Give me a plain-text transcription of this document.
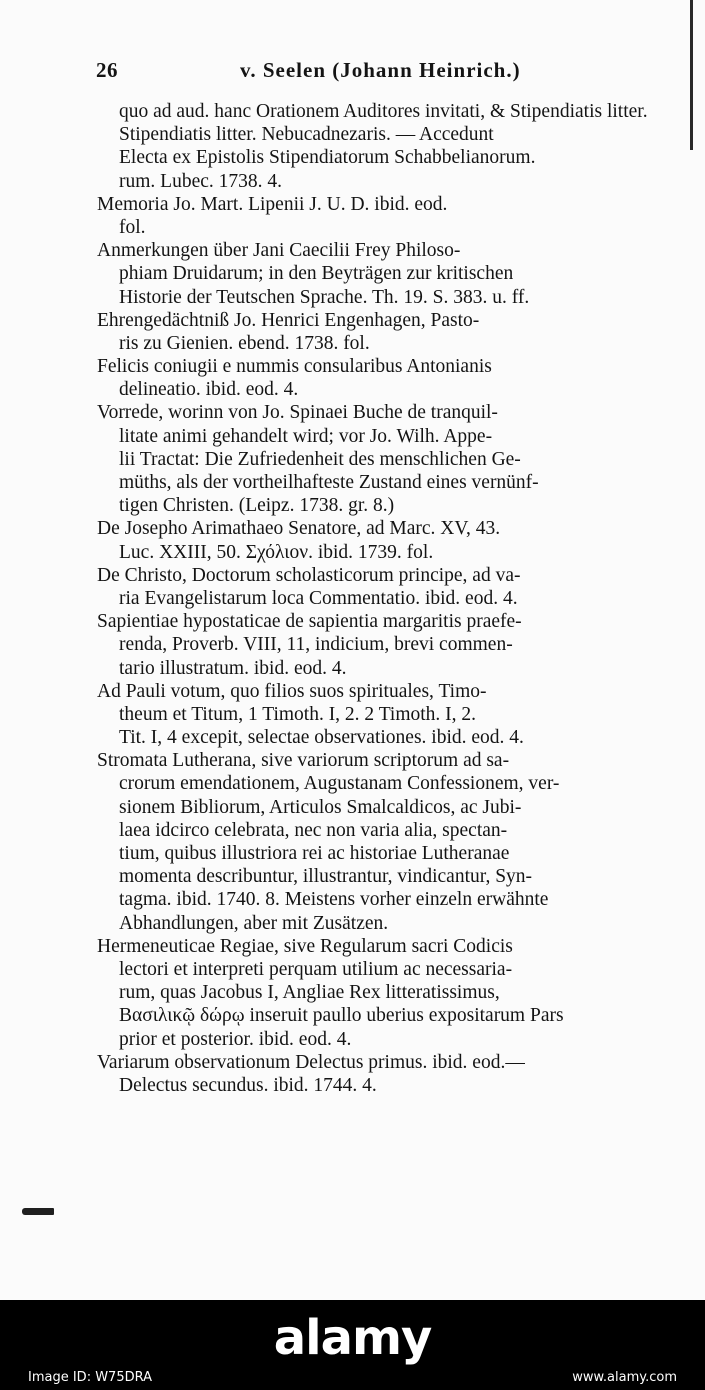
26	v. Seelen (Johann Heinrich.)
quo ad aud. hanc Orationem Auditores invitati, & Stipendiatis litter.
Stipendiatis litter. Nebucadnezaris. — Accedunt
Electa ex Epistolis Stipendiatorum Schabbelianorum.
rum. Lubec. 1738. 4.
Memoria Jo. Mart. Lipenii J. U. D. ibid. eod.
fol.
Anmerkungen über Jani Caecilii Frey Philoso-
phiam Druidarum; in den Beyträgen zur kritischen
Historie der Teutschen Sprache. Th. 19. S. 383. u. ff.
Ehrengedächtniß Jo. Henrici Engenhagen, Pasto-
ris zu Gienien. ebend. 1738. fol.
Felicis coniugii e nummis consularibus Antonianis
delineatio. ibid. eod. 4.
Vorrede, worinn von Jo. Spinaei Buche de tranquil-
litate animi gehandelt wird; vor Jo. Wilh. Appe-
lii Tractat: Die Zufriedenheit des menschlichen Ge-
müths, als der vortheilhafteste Zustand eines vernünf-
tigen Christen. (Leipz. 1738. gr. 8.)
De Josepho Arimathaeo Senatore, ad Marc. XV, 43.
Luc. XXIII, 50. Σχόλιον. ibid. 1739. fol.
De Christo, Doctorum scholasticorum principe, ad va-
ria Evangelistarum loca Commentatio. ibid. eod. 4.
Sapientiae hypostaticae de sapientia margaritis praefe-
renda, Proverb. VIII, 11, indicium, brevi commen-
tario illustratum. ibid. eod. 4.
Ad Pauli votum, quo filios suos spirituales, Timo-
theum et Titum, 1 Timoth. I, 2. 2 Timoth. I, 2.
Tit. I, 4 excepit, selectae observationes. ibid. eod. 4.
Stromata Lutherana, sive variorum scriptorum ad sa-
crorum emendationem, Augustanam Confessionem, ver-
sionem Bibliorum, Articulos Smalcaldicos, ac Jubi-
laea idcirco celebrata, nec non varia alia, spectan-
tium, quibus illustriora rei ac historiae Lutheranae
momenta describuntur, illustrantur, vindicantur, Syn-
tagma. ibid. 1740. 8. Meistens vorher einzeln erwähnte
Abhandlungen, aber mit Zusätzen.
Hermeneuticae Regiae, sive Regularum sacri Codicis
lectori et interpreti perquam utilium ac necessaria-
rum, quas Jacobus I, Angliae Rex litteratissimus,
Βασιλικῷ δώρῳ inseruit paullo uberius expositarum Pars
prior et posterior. ibid. eod. 4.
Variarum observationum Delectus primus. ibid. eod.—
Delectus secundus. ibid. 1744. 4.
alamy
Image ID: W75DRA	www.alamy.com
